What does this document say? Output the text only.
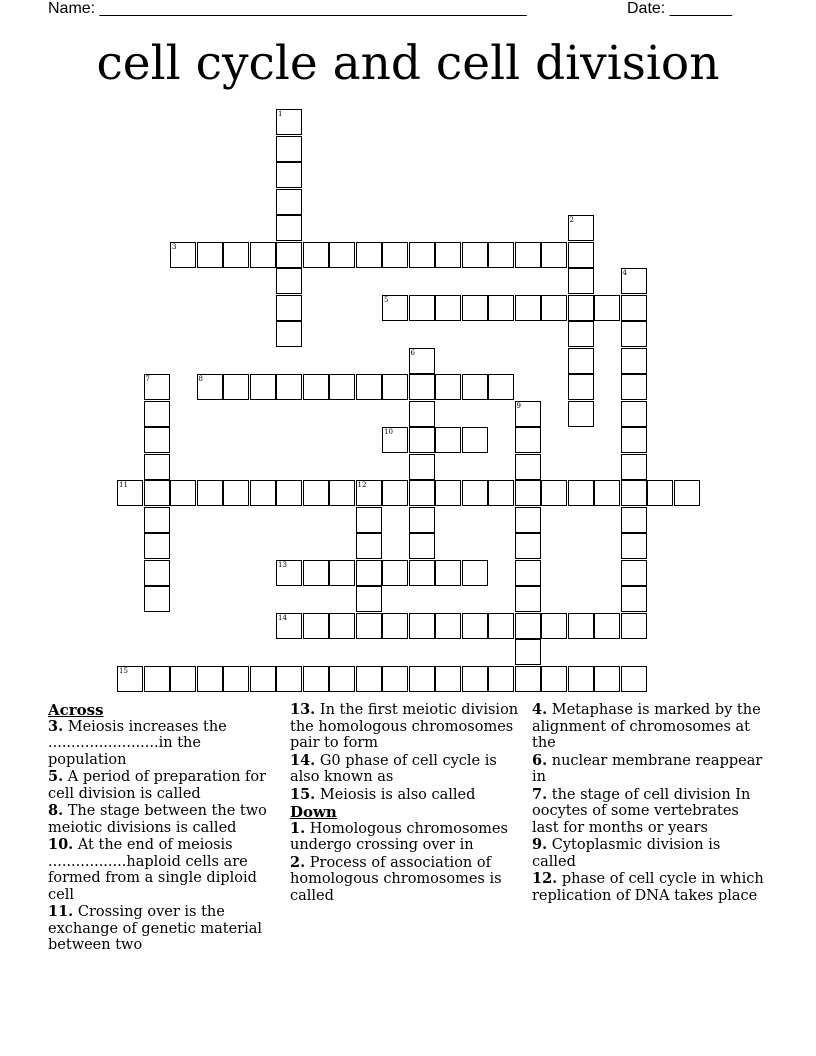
Name: ________________________________________________	Date: _______
cell cycle and cell division
1
2
3
4
5
6
7	8
9
10
11	12
13
14
15
Across
3. Meiosis increases the ........................in the population
5. A period of preparation for cell division is called
8. The stage between the two meiotic divisions is called
10. At the end of meiosis .................haploid cells are formed from a single diploid cell
11. Crossing over is the exchange of genetic material between two
13. In the first meiotic division the homologous chromosomes pair to form
14. G0 phase of cell cycle is also known as
15. Meiosis is also called
Down
1. Homologous chromosomes undergo crossing over in
2. Process of association of homologous chromosomes is called
4. Metaphase is marked by the alignment of chromosomes at the
6. nuclear membrane reappear in
7. the stage of cell division In oocytes of some vertebrates last for months or years
9. Cytoplasmic division is called
12. phase of cell cycle in which replication of DNA takes place
